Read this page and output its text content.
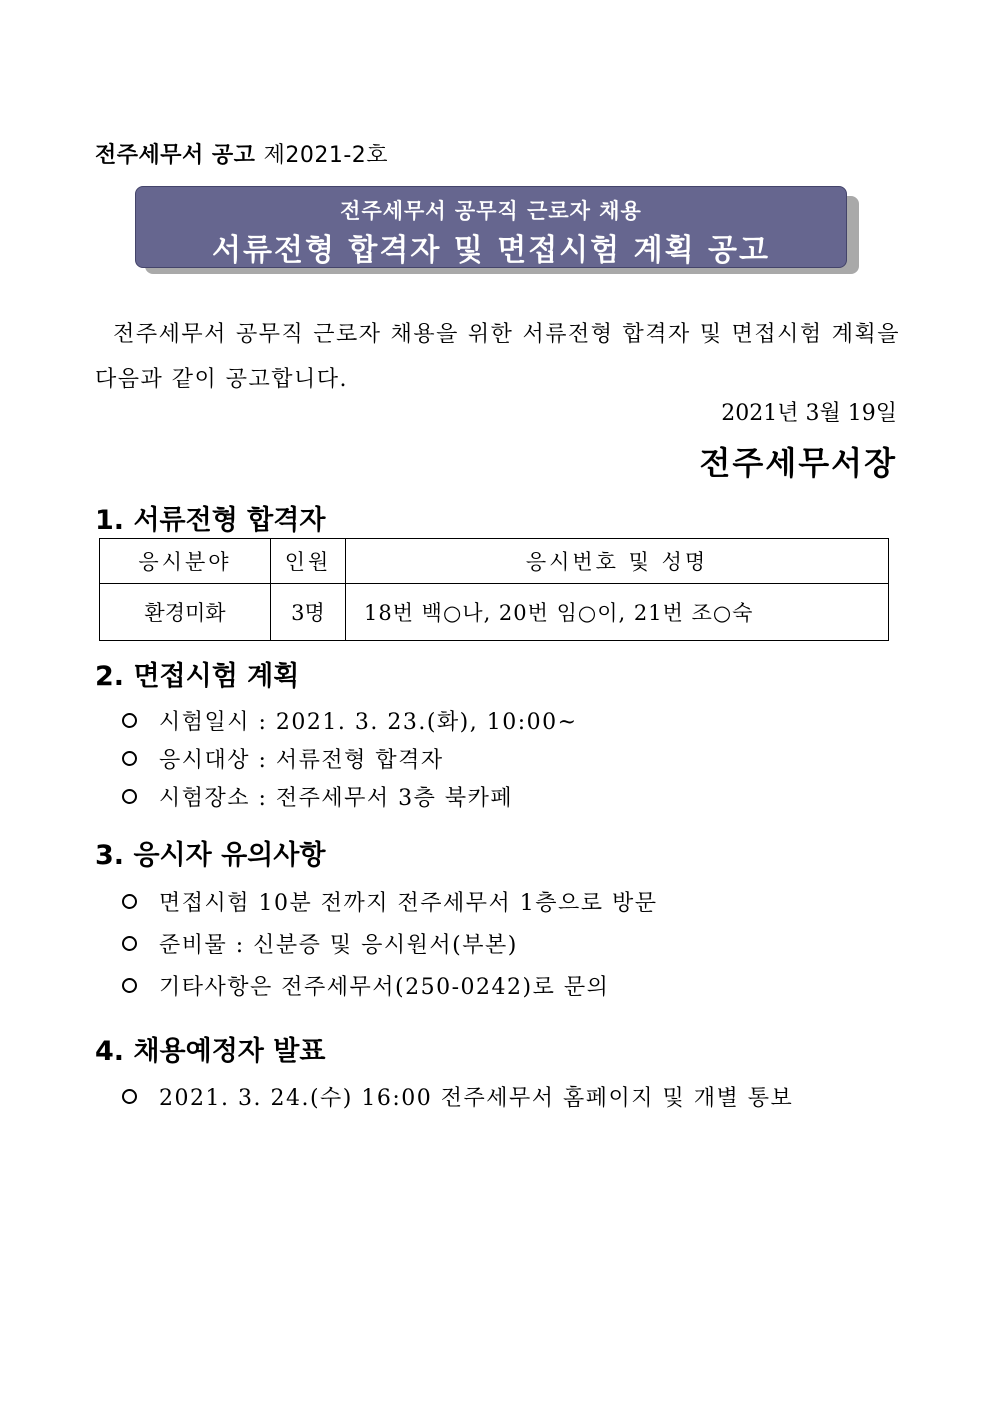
전주세무서 공고 제2021-2호
전주세무서 공무직 근로자 채용
서류전형 합격자 및 면접시험 계획 공고
전주세무서 공무직 근로자 채용을 위한 서류전형 합격자 및 면접시험 계획을 다음과 같이 공고합니다.
2021년 3월 19일
전주세무서장
1. 서류전형 합격자
응시분야	인원	응시번호 및 성명
환경미화	3명	18번 백○나, 20번 임○이, 21번 조○숙
2. 면접시험 계획
시험일시 : 2021. 3. 23.(화), 10:00~
응시대상 : 서류전형 합격자
시험장소 : 전주세무서 3층 북카페
3. 응시자 유의사항
면접시험 10분 전까지 전주세무서 1층으로 방문
준비물 : 신분증 및 응시원서(부본)
기타사항은 전주세무서(250-0242)로 문의
4. 채용예정자 발표
2021. 3. 24.(수) 16:00 전주세무서 홈페이지 및 개별 통보
